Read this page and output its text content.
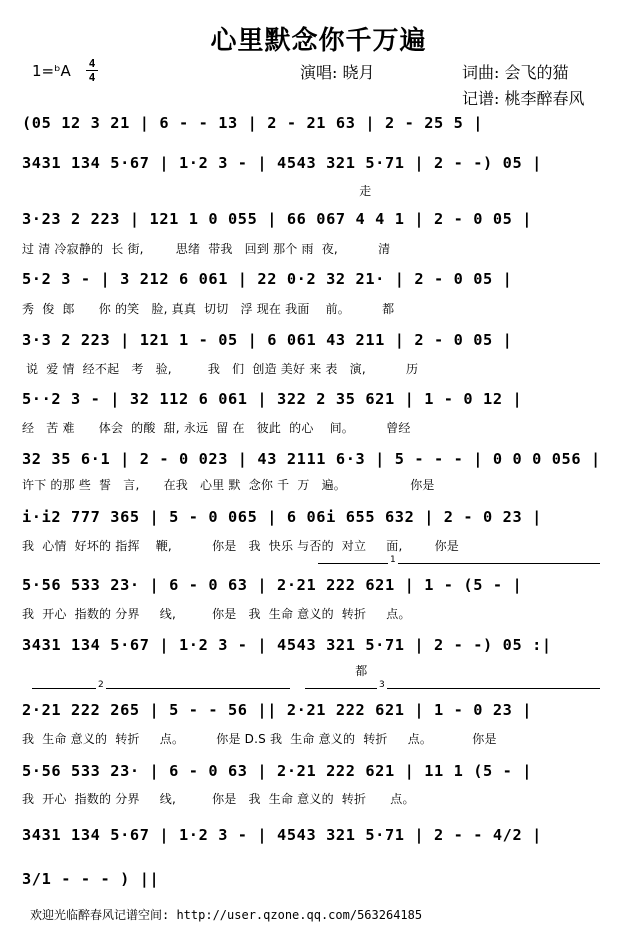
心里默念你千万遍
1=ᵇA 4
4	演唱: 晓月	词曲: 会飞的猫
记谱: 桃李醉春风
(05 12 3 21 | 6 - - 13 | 2 - 21 63 | 2 - 25 5 |
3431 134 5·67 | 1·2 3 - | 4543 321 5·71 | 2 - -) 05 |
走
3·23 2 223 | 121 1 0 055 | 66 067 4 4 1 | 2 - 0 05 |
过 清 冷寂静的  长 街,        思绪  带我   回到 那个 雨  夜,          清
5·2 3 - | 3 212 6 061 | 22 0·2 32 21· | 2 - 0 05 |
秀  俊  郎      你 的笑   脸, 真真  切切   浮 现在 我面    前。        都
3·3 2 223 | 121 1 - 05 | 6 061 43 211 | 2 - 0 05 |
说  爱 情  经不起   考   验,         我   们  创造 美好 来 表   演,          历
5··2 3 - | 32 112 6 061 | 322 2 35 621 | 1 - 0 12 |
经   苦 难      体会  的酸  甜, 永远  留 在   彼此  的心    间。        曾经
32 35 6·1 | 2 - 0 023 | 43 2111 6·3 | 5 - - - | 0 0 0 056 |
许下 的那 些  誓   言,      在我   心里 默  念你 千  万   遍。                你是
i·i2 777 365 | 5 - 0 065 | 6 06i 655 632 | 2 - 0 23 |
我  心情  好坏的 指挥    鞭,          你是   我  快乐 与否的  对立     面,        你是
1
5·56 533 23· | 6 - 0 63 | 2·21 222 621 | 1 - (5 - |
我  开心  指数的 分界     线,         你是   我  生命 意义的  转折     点。
3431 134 5·67 | 1·2 3 - | 4543 321 5·71 | 2 - -) 05 :|
都
2	3
2·21 222 265 | 5 - - 56 || 2·21 222 621 | 1 - 0 23 |
我  生命 意义的  转折     点。        你是 D.S 我  生命 意义的  转折     点。          你是
5·56 533 23· | 6 - 0 63 | 2·21 222 621 | 11 1 (5 - |
我  开心  指数的 分界     线,         你是   我  生命 意义的  转折      点。
3431 134 5·67 | 1·2 3 - | 4543 321 5·71 | 2 - - 4/2 |
3/1 - - - ) ||
欢迎光临醉春风记谱空间: http://user.qzone.qq.com/563264185
